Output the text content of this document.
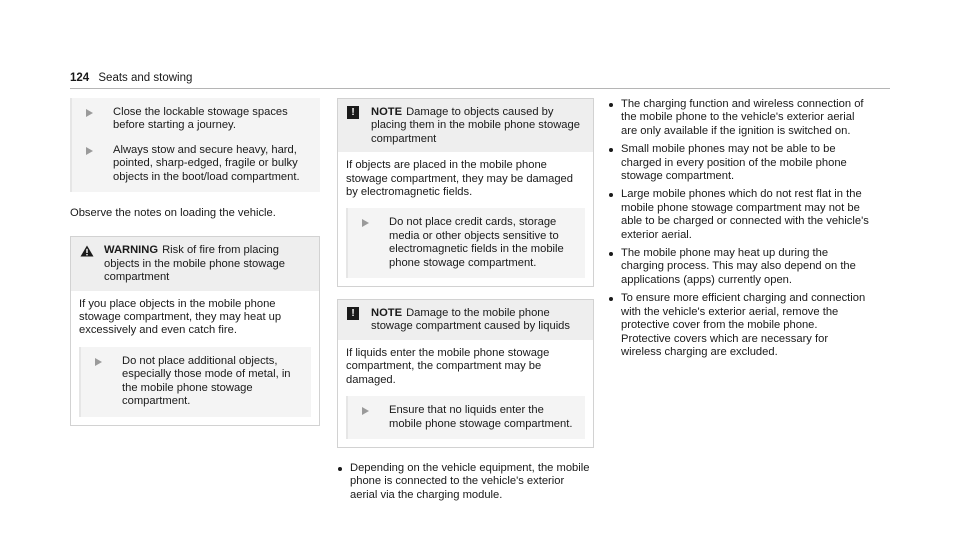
124 Seats and stowing
Close the lockable stowage spaces before starting a journey.
Always stow and secure heavy, hard, pointed, sharp-edged, fragile or bulky objects in the boot/load compartment.

Observe the notes on loading the vehicle.

WARNING Risk of fire from placing objects in the mobile phone stowage compartment

If you place objects in the mobile phone stowage compartment, they may heat up excessively and even catch fire.

Do not place additional objects, especially those mode of metal, in the mobile phone stowage compartment.
!	NOTE Damage to objects caused by placing them in the mobile phone stowage compartment

If objects are placed in the mobile phone stowage compartment, they may be damaged by electromagnetic fields.

Do not place credit cards, storage media or other objects sensitive to electromagnetic fields in the mobile phone stowage compartment.
!	NOTE Damage to the mobile phone stowage compartment caused by liquids

If liquids enter the mobile phone stowage compartment, the compartment may be damaged.

Ensure that no liquids enter the mobile phone stowage compartment.
Depending on the vehicle equipment, the mobile phone is connected to the vehicle's exterior aerial via the charging module.
The charging function and wireless connection of the mobile phone to the vehicle's exterior aerial are only available if the ignition is switched on.
Small mobile phones may not be able to be charged in every position of the mobile phone stowage compartment.
Large mobile phones which do not rest flat in the mobile phone stowage compartment may not be able to be charged or connected with the vehicle's exterior aerial.
The mobile phone may heat up during the charging process. This may also depend on the applications (apps) currently open.
To ensure more efficient charging and connection with the vehicle's exterior aerial, remove the protective cover from the mobile phone. Protective covers which are necessary for wireless charging are excluded.
